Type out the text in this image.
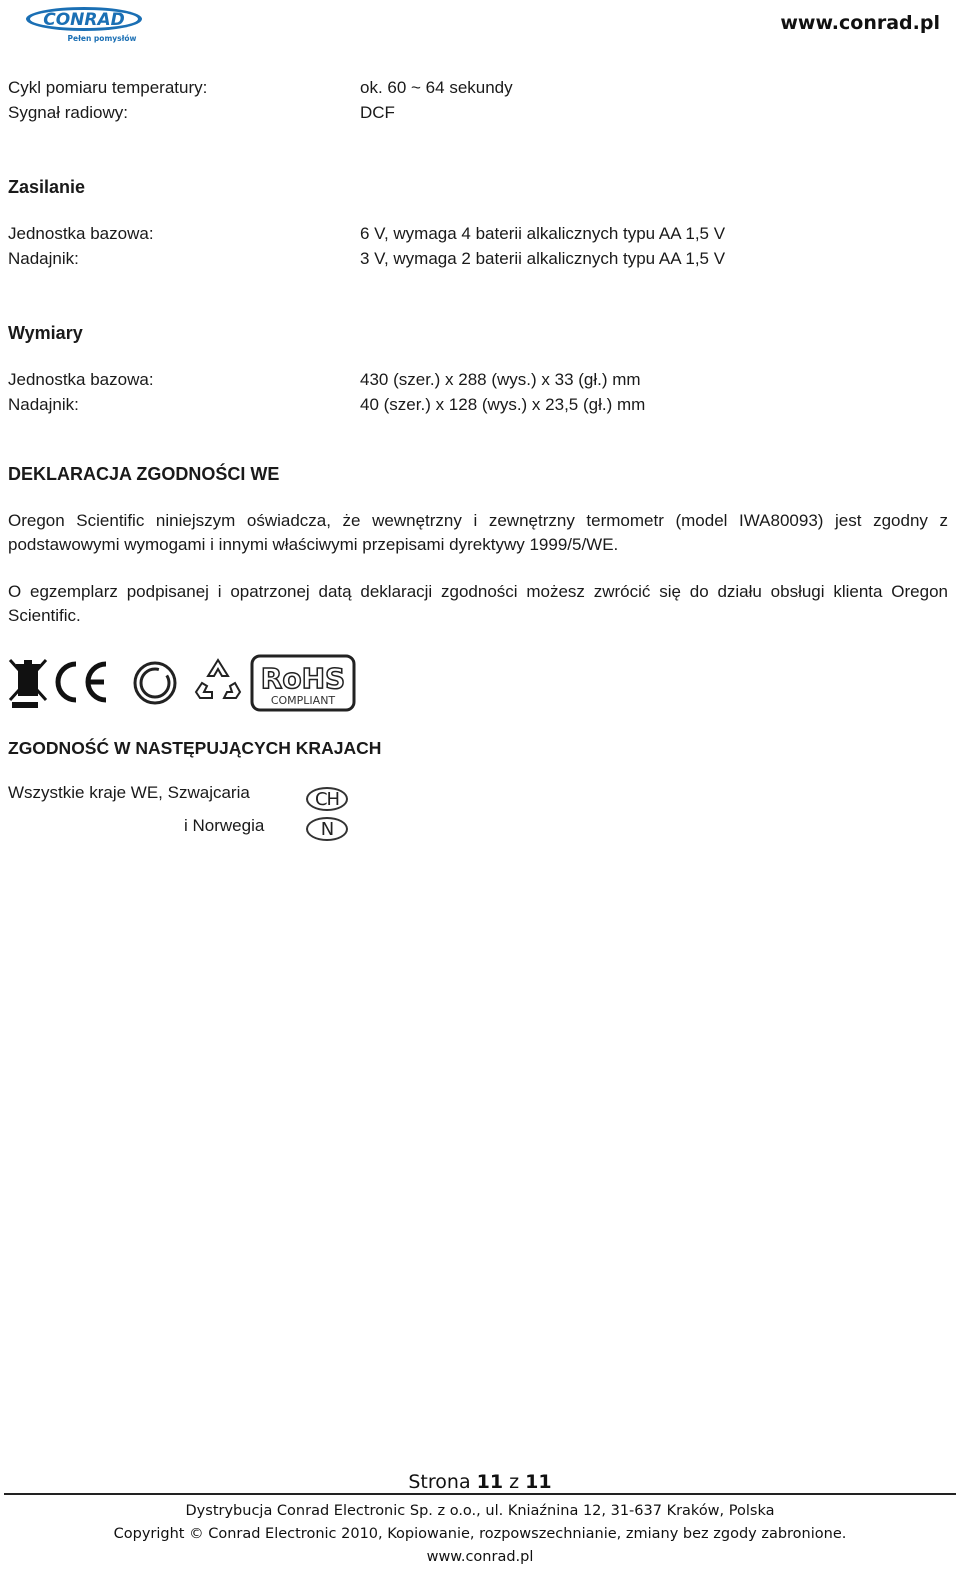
CONRAD
Pełen pomysłów
www.conrad.pl
Cykl pomiaru temperatury:	ok. 60 ~ 64 sekundy
Sygnał radiowy:	DCF
Zasilanie
Jednostka bazowa:	6 V, wymaga 4 baterii alkalicznych typu AA 1,5 V
Nadajnik:	3 V, wymaga 2 baterii alkalicznych typu AA 1,5 V
Wymiary
Jednostka bazowa:	430 (szer.) x 288 (wys.) x 33 (gł.) mm
Nadajnik:	40 (szer.) x 128 (wys.) x 23,5 (gł.) mm
DEKLARACJA ZGODNOŚCI WE
Oregon Scientific niniejszym oświadcza, że wewnętrzny i zewnętrzny termometr (model IWA80093) jest zgodny z podstawowymi wymogami i innymi właściwymi przepisami dyrektywy 1999/5/WE.
O egzemplarz podpisanej i opatrzonej datą deklaracji zgodności możesz zwrócić się do działu obsługi klienta Oregon Scientific.
RoHS
COMPLIANT
ZGODNOŚĆ W NASTĘPUJĄCYCH KRAJACH
Wszystkie kraje WE, Szwajcaria
i Norwegia
CH
N
Strona 11 z 11
Dystrybucja Conrad Electronic Sp. z o.o., ul. Kniaźnina 12, 31-637 Kraków, Polska
Copyright © Conrad Electronic 2010, Kopiowanie, rozpowszechnianie, zmiany bez zgody zabronione.
www.conrad.pl
